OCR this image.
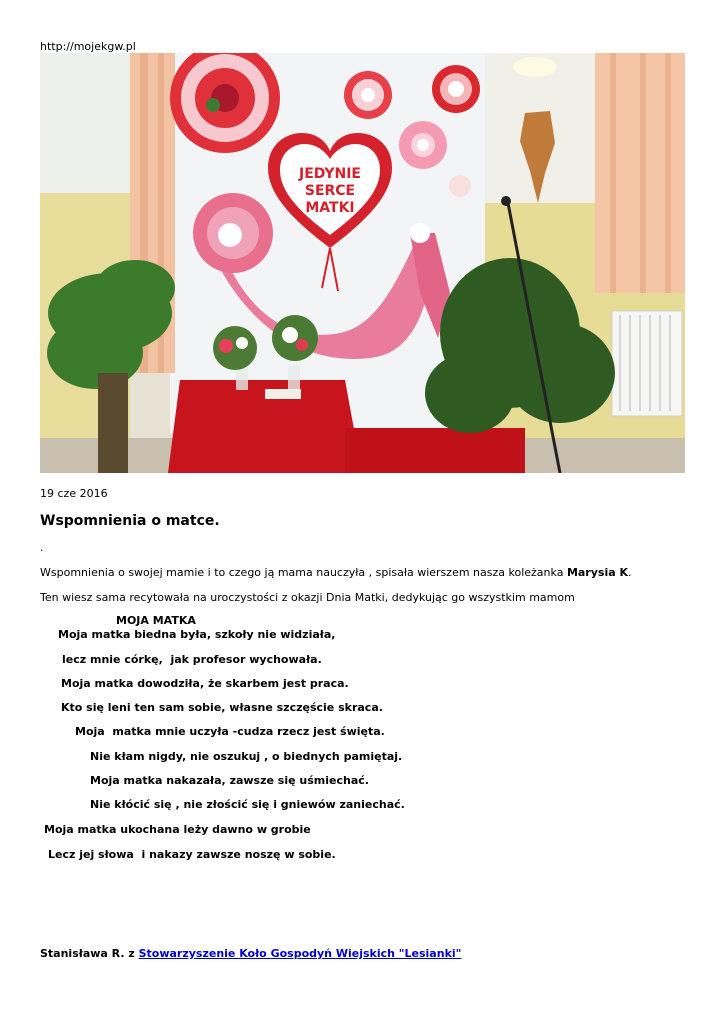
http://mojekgw.pl
JEDYNIE
SERCE
MATKI
19 cze 2016
Wspomnienia o matce.
.
Wspomnienia o swojej mamie i to czego ją mama nauczyła , spisała wierszem nasza koleżanka Marysia K.
Ten wiesz sama recytowała na uroczystości z okazji Dnia Matki, dedykując go wszystkim mamom
MOJA MATKA
Moja matka biedna była, szkoły nie widziała,
lecz mnie córkę,  jak profesor wychowała.
Moja matka dowodziła, że skarbem jest praca.
Kto się leni ten sam sobie, własne szczęście skraca.
Moja  matka mnie uczyła -cudza rzecz jest święta.
Nie kłam nigdy, nie oszukuj , o biednych pamiętaj.
Moja matka nakazała, zawsze się uśmiechać.
Nie kłócić się , nie złościć się i gniewów zaniechać.
Moja matka ukochana leży dawno w grobie
Lecz jej słowa  i nakazy zawsze noszę w sobie.
Stanisława R. z Stowarzyszenie Koło Gospodyń Wiejskich "Lesianki"
